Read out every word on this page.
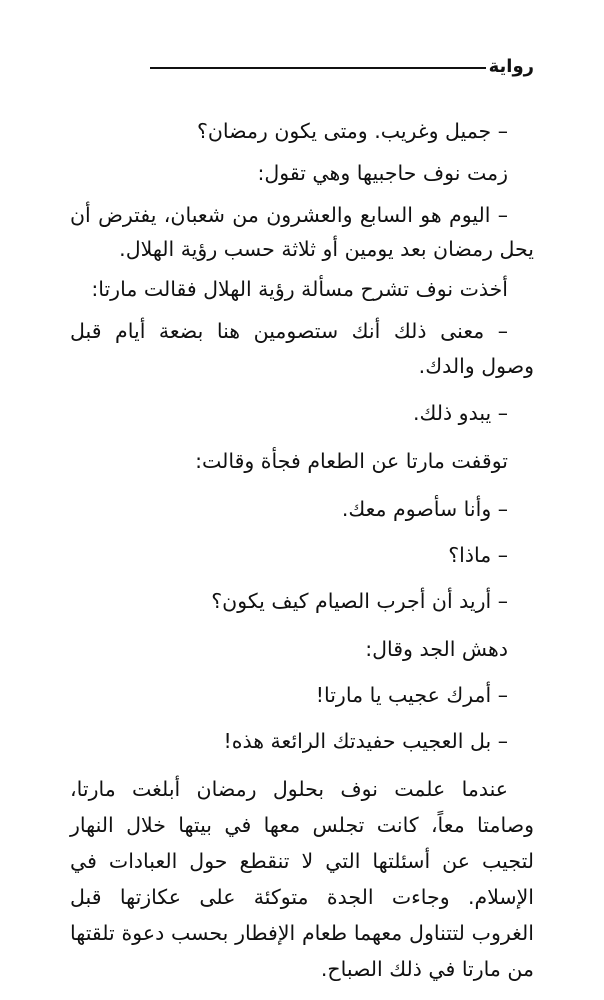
رواية
– جميل وغريب. ومتى يكون رمضان؟
زمت نوف حاجبيها وهي تقول:
– اليوم هو السابع والعشرون من شعبان، يفترض أن
يحل رمضان بعد يومين أو ثلاثة حسب رؤية الهلال.
أخذت نوف تشرح مسألة رؤية الهلال فقالت مارتا:
– معنى ذلك أنك ستصومين هنا بضعة أيام قبل
وصول والدك.
– يبدو ذلك.
توقفت مارتا عن الطعام فجأة وقالت:
– وأنا سأصوم معك.
– ماذا؟
– أريد أن أجرب الصيام كيف يكون؟
دهش الجد وقال:
– أمرك عجيب يا مارتا!
– بل العجيب حفيدتك الرائعة هذه!
عندما علمت نوف بحلول رمضان أبلغت مارتا،
وصامتا معاً، كانت تجلس معها في بيتها خلال النهار
لتجيب عن أسئلتها التي لا تنقطع حول العبادات في
الإسلام. وجاءت الجدة متوكئة على عكازتها قبل
الغروب لتتناول معهما طعام الإفطار بحسب دعوة تلقتها
من مارتا في ذلك الصباح.
